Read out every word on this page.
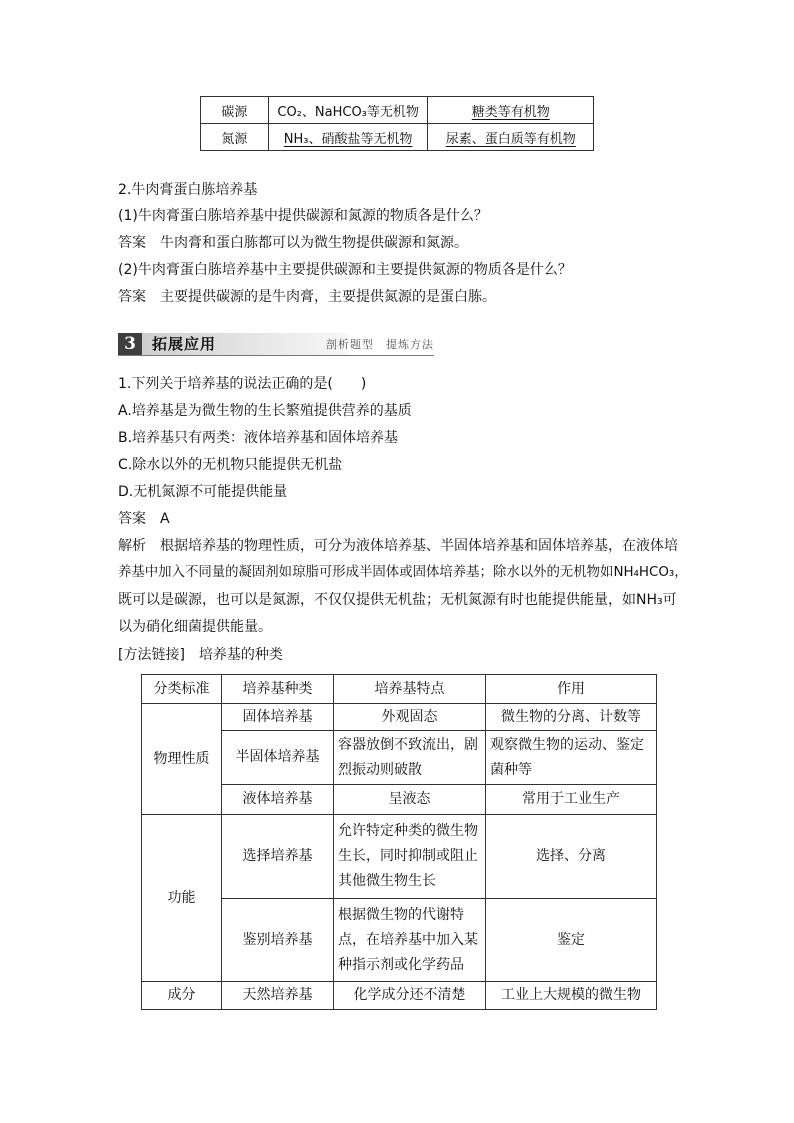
碳源	CO₂、NaHCO₃等无机物	糖类等有机物
氮源	NH₃、硝酸盐等无机物	尿素、蛋白质等有机物
2.牛肉膏蛋白胨培养基
(1)牛肉膏蛋白胨培养基中提供碳源和氮源的物质各是什么？
答案　牛肉膏和蛋白胨都可以为微生物提供碳源和氮源。
(2)牛肉膏蛋白胨培养基中主要提供碳源和主要提供氮源的物质各是什么？
答案　主要提供碳源的是牛肉膏，主要提供氮源的是蛋白胨。
3	拓展应用	剖析题型　提炼方法
1.下列关于培养基的说法正确的是(　　)
A.培养基是为微生物的生长繁殖提供营养的基质
B.培养基只有两类：液体培养基和固体培养基
C.除水以外的无机物只能提供无机盐
D.无机氮源不可能提供能量
答案　A
解析　根据培养基的物理性质，可分为液体培养基、半固体培养基和固体培养基，在液体培
养基中加入不同量的凝固剂如琼脂可形成半固体或固体培养基；除水以外的无机物如NH₄HCO₃，
既可以是碳源，也可以是氮源，不仅仅提供无机盐；无机氮源有时也能提供能量，如NH₃可
以为硝化细菌提供能量。
[方法链接]　培养基的种类
分类标准	培养基种类	培养基特点	作用
物理性质	固体培养基	外观固态	微生物的分离、计数等
	半固体培养基	容器放倒不致流出，剧烈振动则破散	观察微生物的运动、鉴定菌种等
	液体培养基	呈液态	常用于工业生产
功能	选择培养基	允许特定种类的微生物生长，同时抑制或阻止其他微生物生长	选择、分离
	鉴别培养基	根据微生物的代谢特点，在培养基中加入某种指示剂或化学药品	鉴定
成分	天然培养基	化学成分还不清楚	工业上大规模的微生物
